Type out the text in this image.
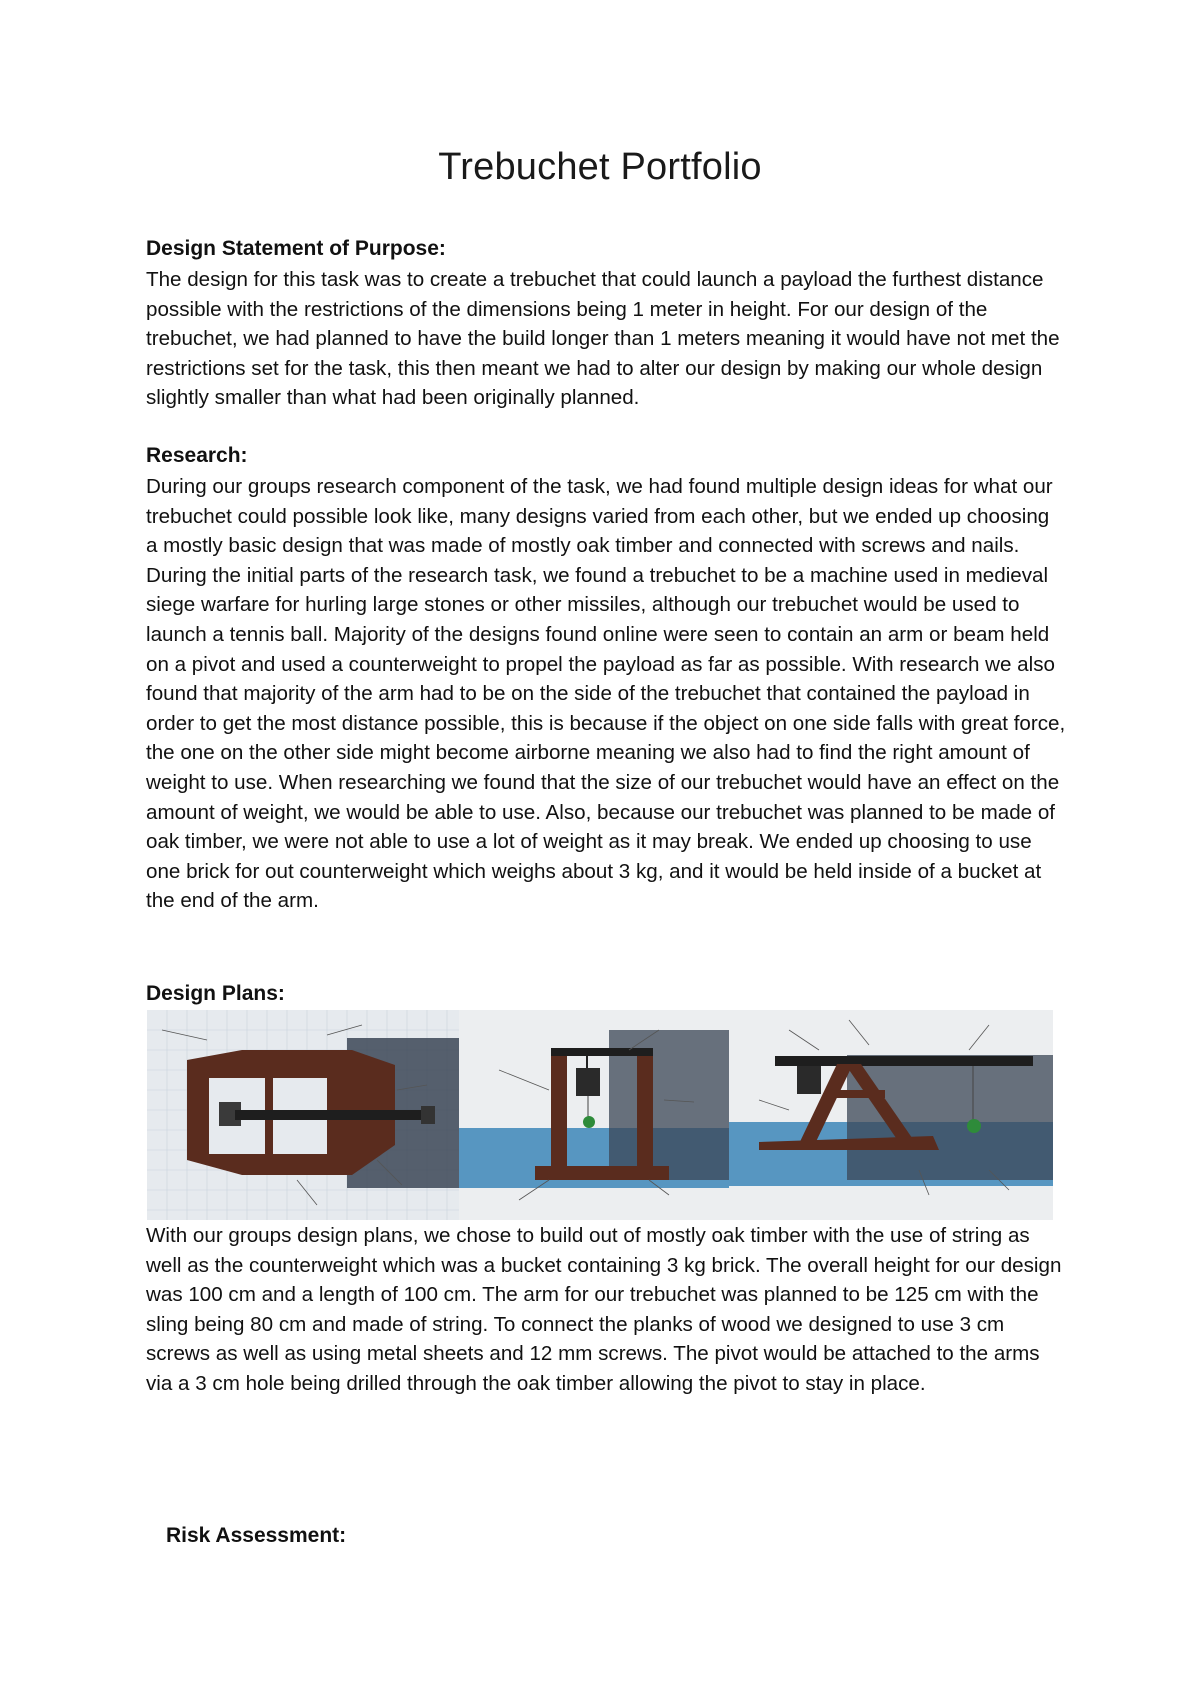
Trebuchet Portfolio
Design Statement of Purpose:

The design for this task was to create a trebuchet that could launch a payload the furthest distance possible with the restrictions of the dimensions being 1 meter in height. For our design of the trebuchet, we had planned to have the build longer than 1 meters meaning it would have not met the restrictions set for the task, this then meant we had to alter our design by making our whole design slightly smaller than what had been originally planned.

Research:

During our groups research component of the task, we had found multiple design ideas for what our trebuchet could possible look like, many designs varied from each other, but we ended up choosing a mostly basic design that was made of mostly oak timber and connected with screws and nails. During the initial parts of the research task, we found a trebuchet to be a machine used in medieval siege warfare for hurling large stones or other missiles, although our trebuchet would be used to launch a tennis ball. Majority of the designs found online were seen to contain an arm or beam held on a pivot and used a counterweight to propel the payload as far as possible. With research we also found that majority of the arm had to be on the side of the trebuchet that contained the payload in order to get the most distance possible, this is because if the object on one side falls with great force, the one on the other side might become airborne meaning we also had to find the right amount of weight to use. When researching we found that the size of our trebuchet would have an effect on the amount of weight, we would be able to use. Also, because our trebuchet was planned to be made of oak timber, we were not able to use a lot of weight as it may break. We ended up choosing to use one brick for out counterweight which weighs about 3 kg, and it would be held inside of a bucket at the end of the arm.

Design Plans:

With our groups design plans, we chose to build out of mostly oak timber with the use of string as well as the counterweight which was a bucket containing 3 kg brick. The overall height for our design was 100 cm and a length of 100 cm. The arm for our trebuchet was planned to be 125 cm with the sling being 80 cm and made of string. To connect the planks of wood we designed to use 3 cm screws as well as using metal sheets and 12 mm screws. The pivot would be attached to the arms via a 3 cm hole being drilled through the oak timber allowing the pivot to stay in place.

Risk Assessment:
